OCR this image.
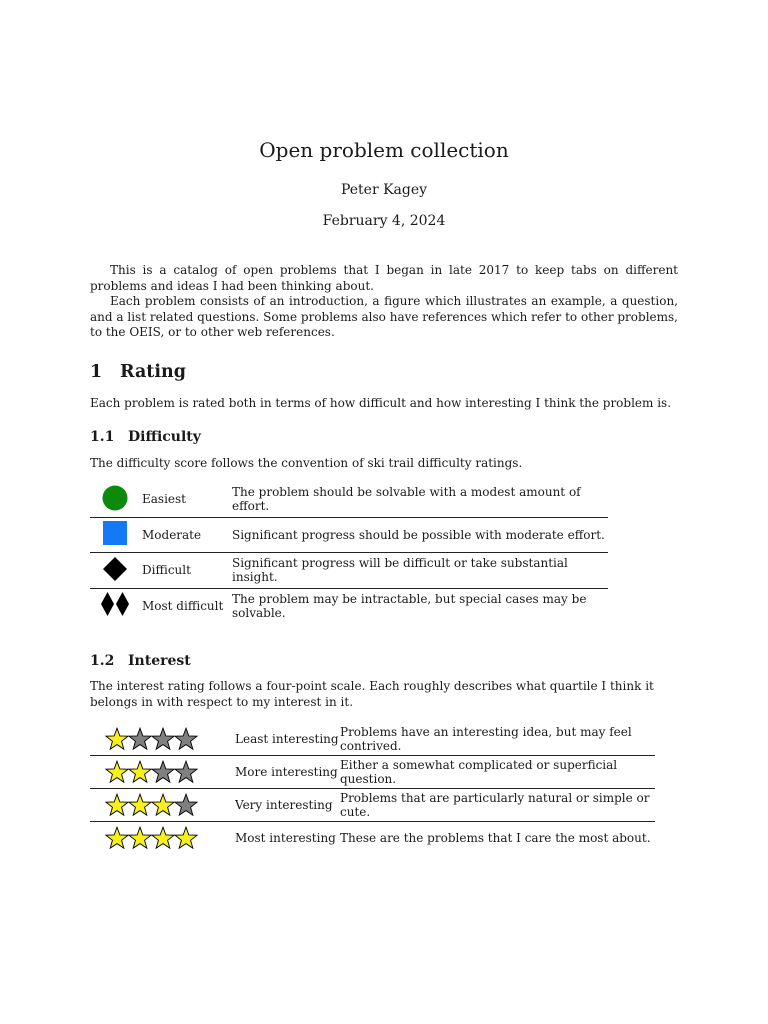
Open problem collection
Peter Kagey
February 4, 2024
This is a catalog of open problems that I began in late 2017 to keep tabs on different problems and ideas I had been thinking about.
Each problem consists of an introduction, a figure which illustrates an example, a question, and a list related questions. Some problems also have references which refer to other problems, to the OEIS, or to other web references.
1 Rating
Each problem is rated both in terms of how difficult and how interesting I think the problem is.
1.1 Difficulty
The difficulty score follows the convention of ski trail difficulty ratings.
	Easiest	The problem should be solvable with a modest amount of effort.
	Moderate	Significant progress should be possible with moderate effort.
	Difficult	Significant progress will be difficult or take substantial insight.
	Most difficult	The problem may be intractable, but special cases may be solvable.
1.2 Interest
The interest rating follows a four-point scale. Each roughly describes what quartile I think it belongs in with respect to my interest in it.
	Least interesting	Problems have an interesting idea, but may feel contrived.
	More interesting	Either a somewhat complicated or superficial question.
	Very interesting	Problems that are particularly natural or simple or cute.
	Most interesting	These are the problems that I care the most about.
